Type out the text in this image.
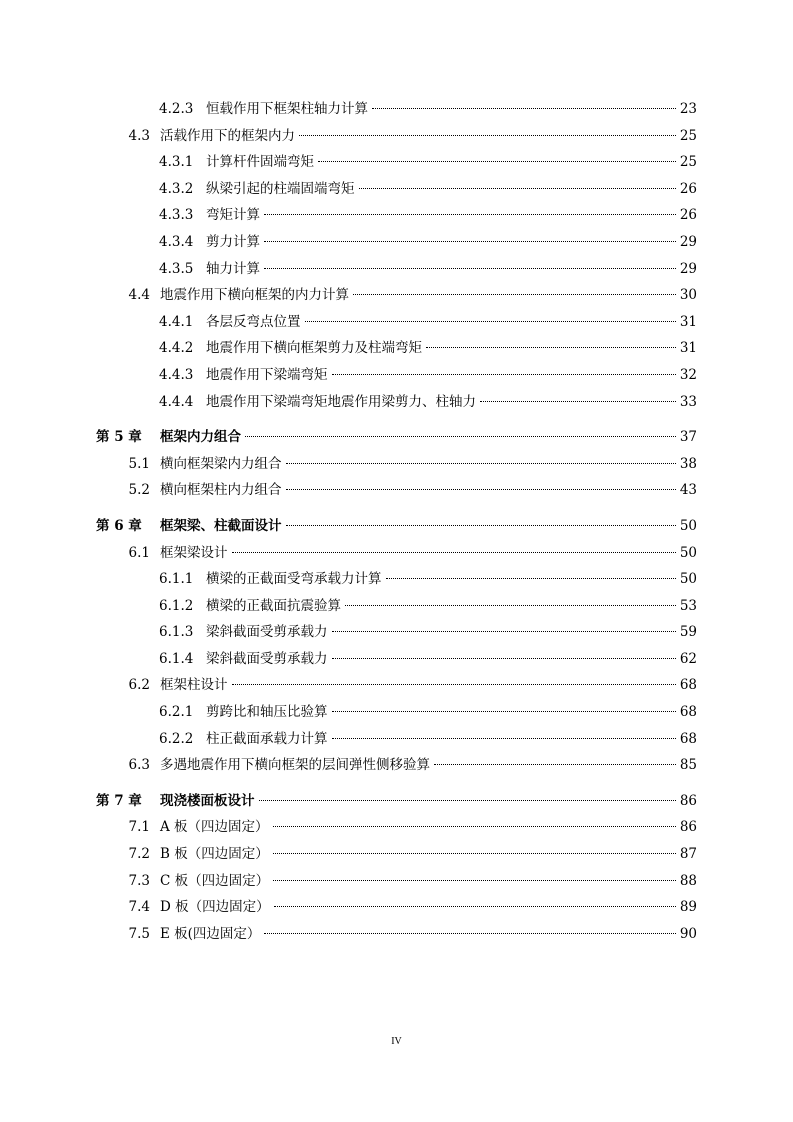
4.2.3 恒载作用下框架柱轴力计算	23
4.3 活载作用下的框架内力	25
4.3.1 计算杆件固端弯矩	25
4.3.2 纵梁引起的柱端固端弯矩	26
4.3.3 弯矩计算	26
4.3.4 剪力计算	29
4.3.5 轴力计算	29
4.4 地震作用下横向框架的内力计算	30
4.4.1 各层反弯点位置	31
4.4.2 地震作用下横向框架剪力及柱端弯矩	31
4.4.3 地震作用下梁端弯矩	32
4.4.4 地震作用下梁端弯矩地震作用梁剪力、柱轴力	33
第 5 章 框架内力组合	37
5.1 横向框架梁内力组合	38
5.2 横向框架柱内力组合	43
第 6 章 框架梁、柱截面设计	50
6.1 框架梁设计	50
6.1.1 横梁的正截面受弯承载力计算	50
6.1.2 横梁的正截面抗震验算	53
6.1.3 梁斜截面受剪承载力	59
6.1.4 梁斜截面受剪承载力	62
6.2 框架柱设计	68
6.2.1 剪跨比和轴压比验算	68
6.2.2 柱正截面承载力计算	68
6.3 多遇地震作用下横向框架的层间弹性侧移验算	85
第 7 章 现浇楼面板设计	86
7.1 A 板（四边固定）	86
7.2 B 板（四边固定）	87
7.3 C 板（四边固定）	88
7.4 D 板（四边固定）	89
7.5 E 板(四边固定）	90
IV
